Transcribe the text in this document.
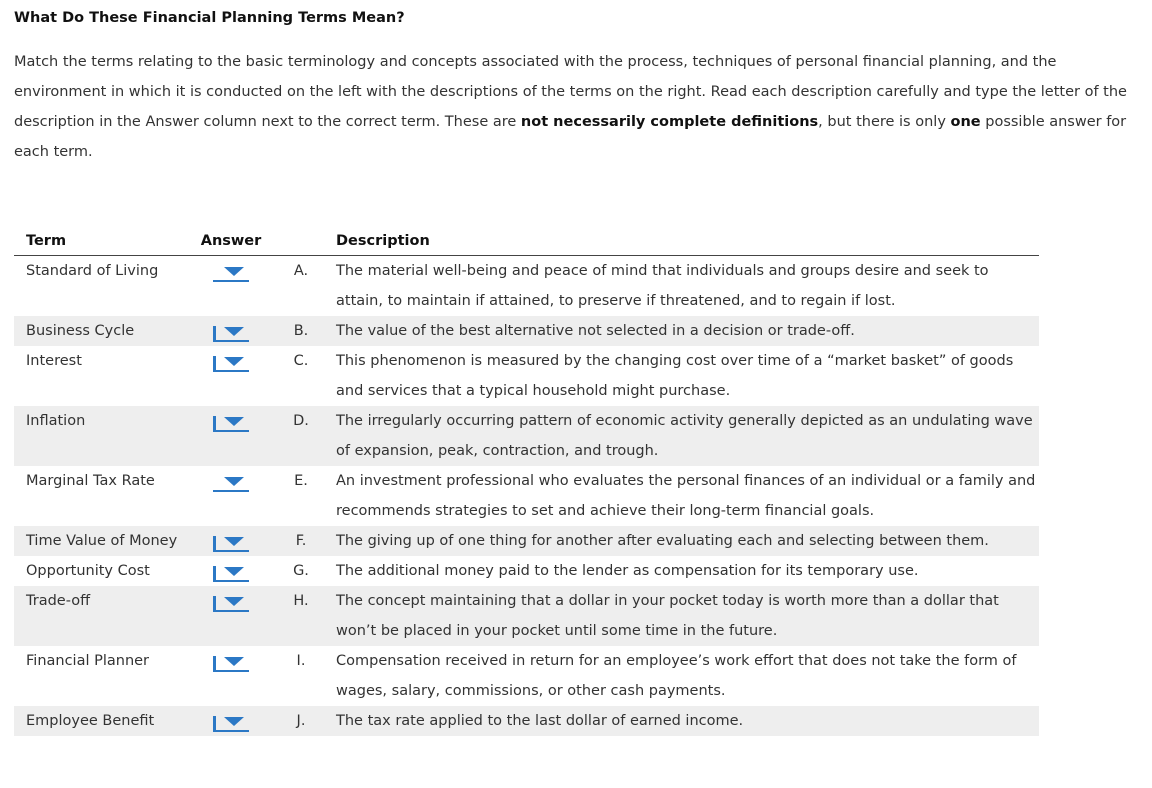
What Do These Financial Planning Terms Mean?

Match the terms relating to the basic terminology and concepts associated with the process, techniques of personal financial planning, and the environment in which it is conducted on the left with the descriptions of the terms on the right. Read each description carefully and type the letter of the description in the Answer column next to the correct term. These are not necessarily complete definitions, but there is only one possible answer for each term.

Term	Answer		Description
Standard of Living		A.	The material well-being and peace of mind that individuals and groups desire and seek to attain, to maintain if attained, to preserve if threatened, and to regain if lost.
Business Cycle		B.	The value of the best alternative not selected in a decision or trade-off.
Interest		C.	This phenomenon is measured by the changing cost over time of a “market basket” of goods and services that a typical household might purchase.
Inflation		D.	The irregularly occurring pattern of economic activity generally depicted as an undulating wave of expansion, peak, contraction, and trough.
Marginal Tax Rate		E.	An investment professional who evaluates the personal finances of an individual or a family and recommends strategies to set and achieve their long-term financial goals.
Time Value of Money		F.	The giving up of one thing for another after evaluating each and selecting between them.
Opportunity Cost		G.	The additional money paid to the lender as compensation for its temporary use.
Trade-off		H.	The concept maintaining that a dollar in your pocket today is worth more than a dollar that won’t be placed in your pocket until some time in the future.
Financial Planner		I.	Compensation received in return for an employee’s work effort that does not take the form of wages, salary, commissions, or other cash payments.
Employee Benefit		J.	The tax rate applied to the last dollar of earned income.
